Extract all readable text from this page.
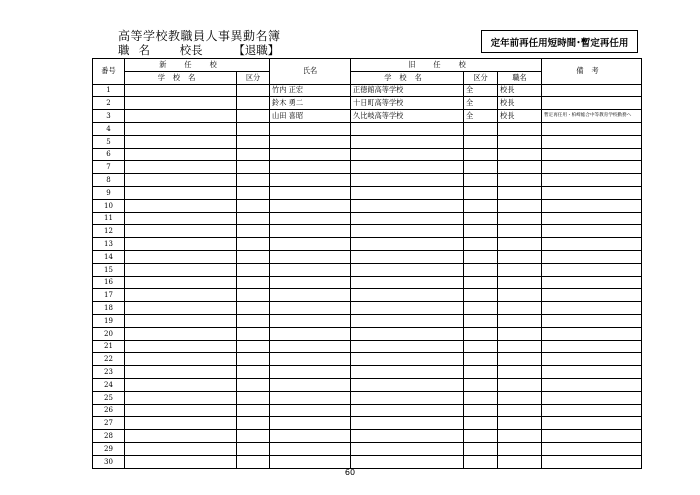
高等学校教職員人事異動名簿
職名 校長	【退職】	定年前再任用短時間･暫定再任用
番号	新任校		氏名	旧任校			備考
	学校名	区分		学校名	区分	職名	
1			竹内 正宏	正徳館高等学校	全	校長	
2			鈴木 勇二	十日町高等学校	全	校長	
3			山田 喜昭	久比岐高等学校	全	校長	暫定再任用・柏崎総合中等教育学校勤務へ
4							
5							
6							
7							
8							
9							
10							
11							
12							
13							
14							
15							
16							
17							
18							
19							
20							
21							
22							
23							
24							
25							
26							
27							
28							
29							
30							
60
